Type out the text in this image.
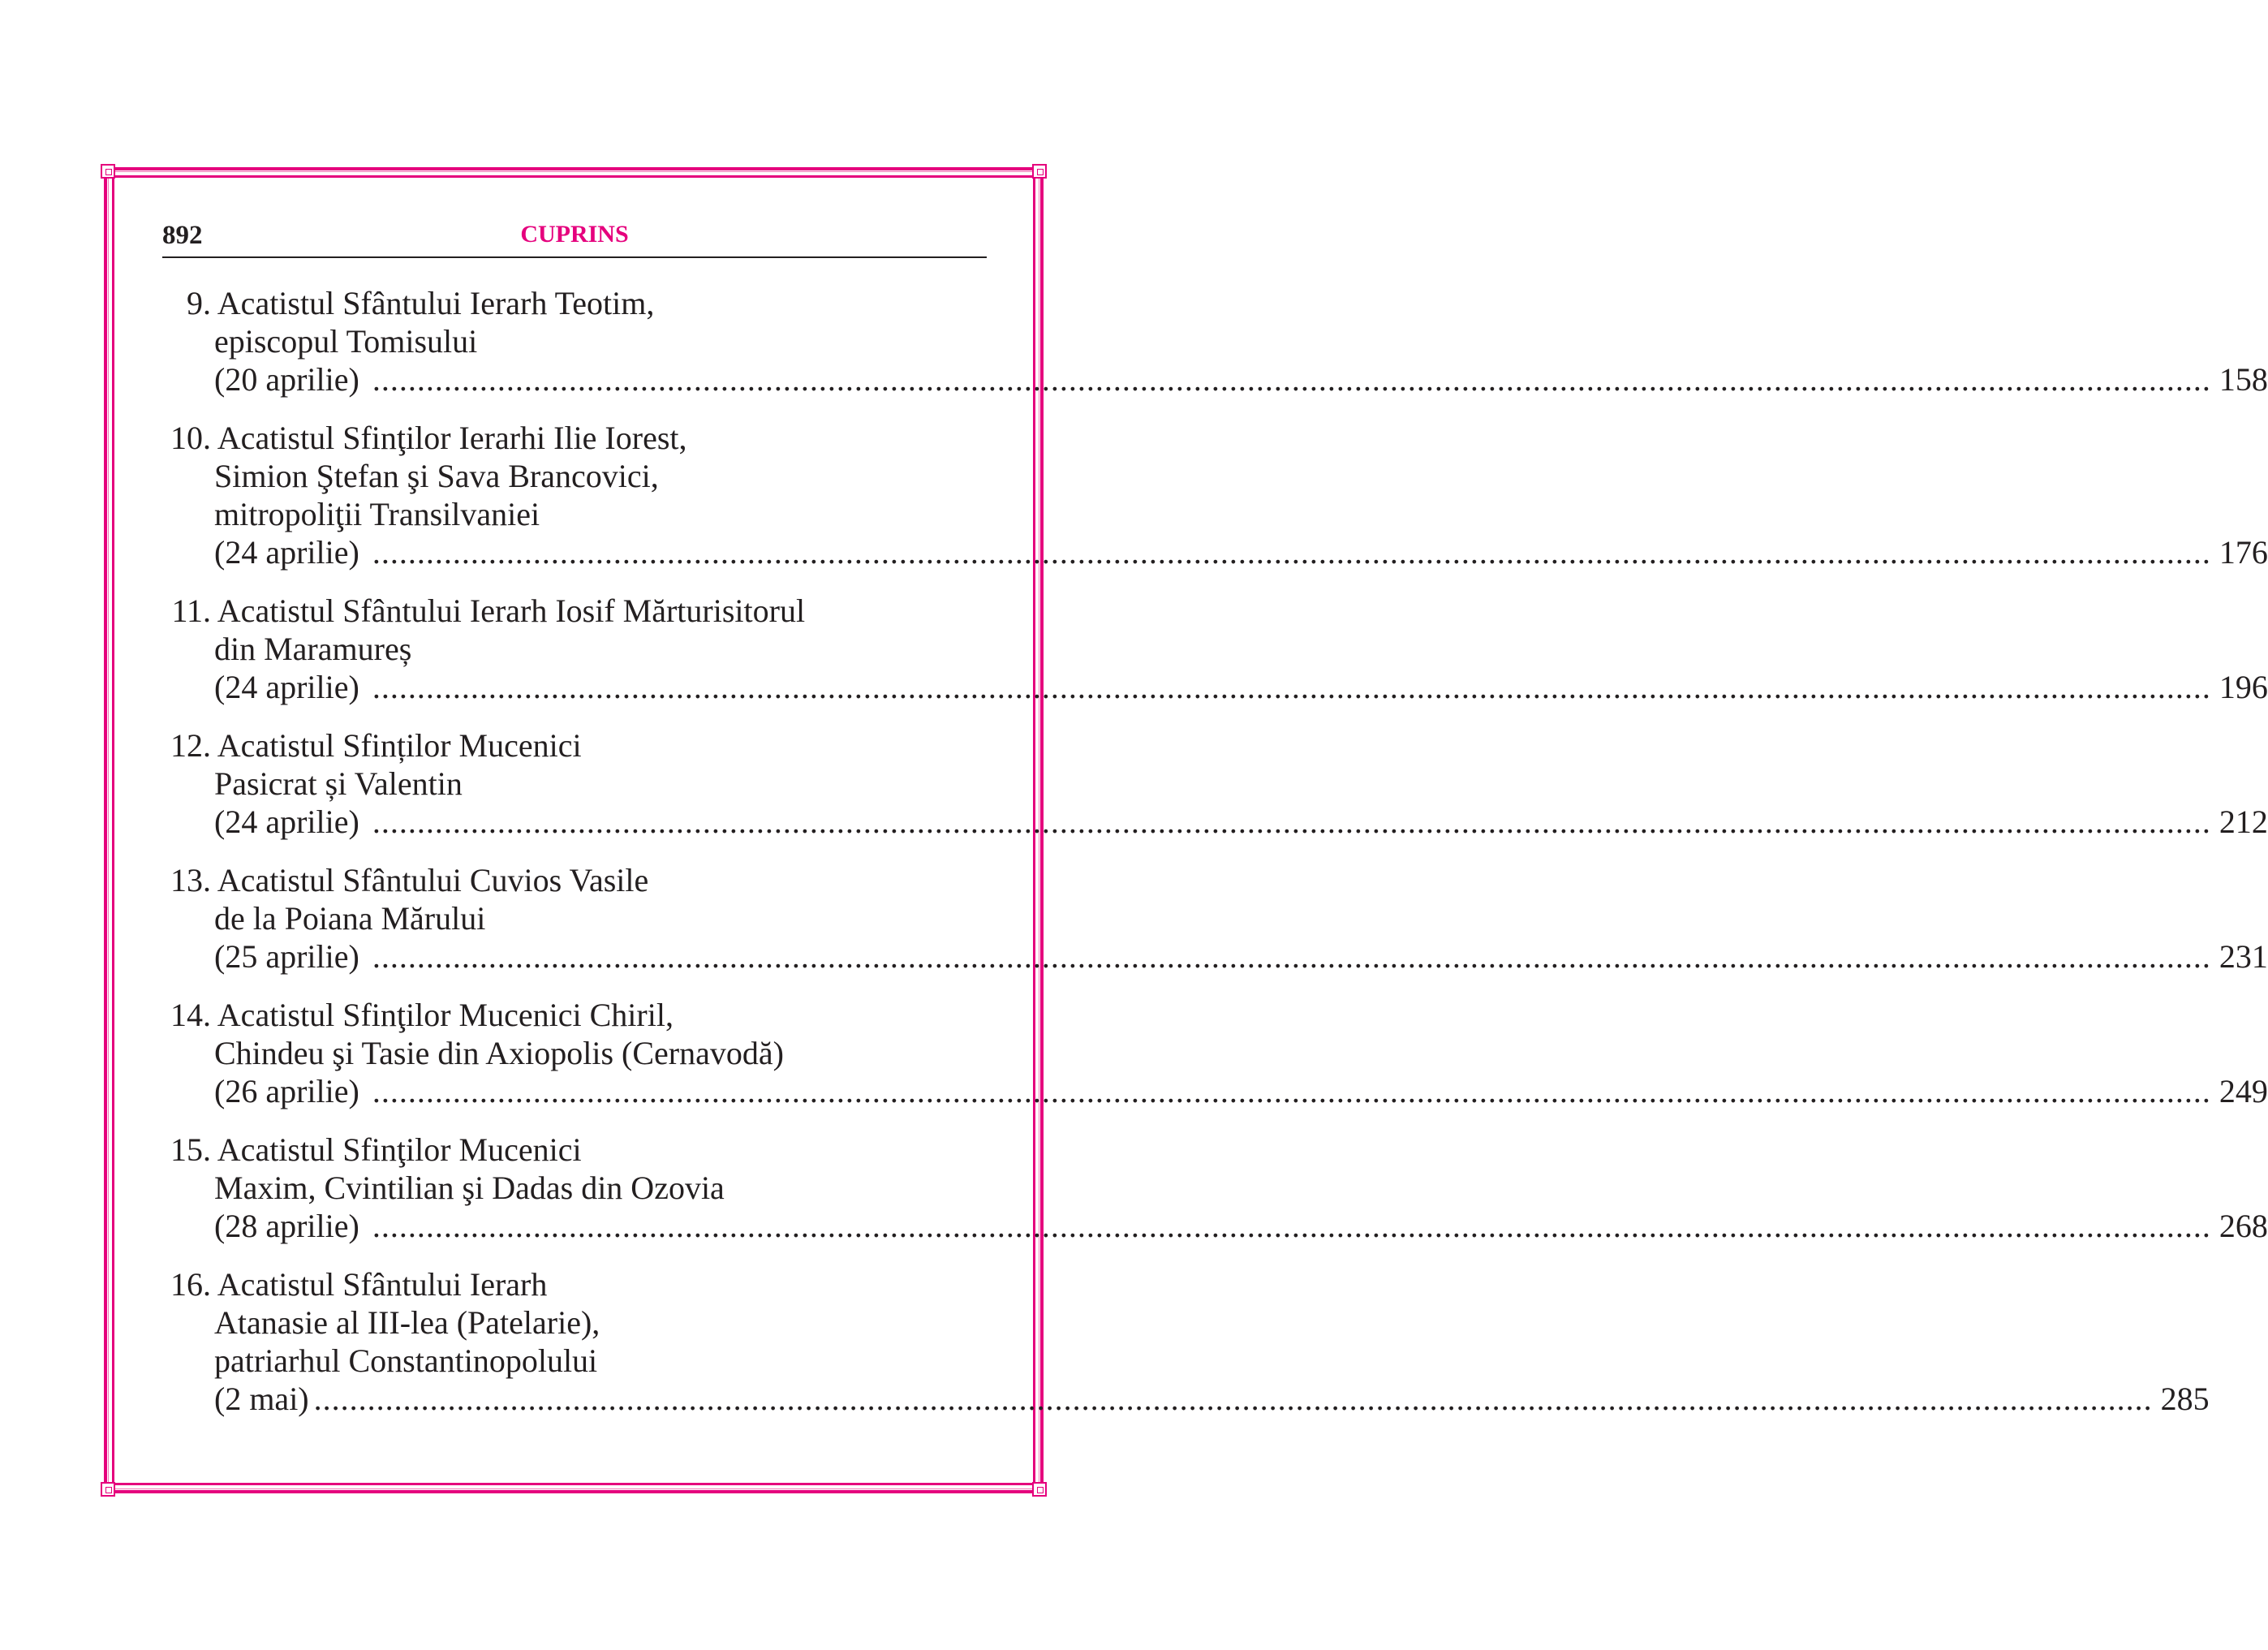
892	CUPRINS
9. Acatistul Sfântului Ierarh Teotim,
episcopul Tomisului
(20 aprilie) .............................................................................................................................................................................................................. 158
10. Acatistul Sfinţilor Ierarhi Ilie Iorest,
Simion Ştefan şi Sava Brancovici,
mitropoliţii Transilvaniei
(24 aprilie) .............................................................................................................................................................................................................. 176
11. Acatistul Sfântului Ierarh Iosif Mărturisitorul
din Maramureș
(24 aprilie) .............................................................................................................................................................................................................. 196
12. Acatistul Sfinților Mucenici
Pasicrat și Valentin
(24 aprilie) .............................................................................................................................................................................................................. 212
13. Acatistul Sfântului Cuvios Vasile
de la Poiana Mărului
(25 aprilie) .............................................................................................................................................................................................................. 231
14. Acatistul Sfinţilor Mucenici Chiril,
Chindeu şi Tasie din Axiopolis (Cernavodă)
(26 aprilie) .............................................................................................................................................................................................................. 249
15. Acatistul Sfinţilor Mucenici
Maxim, Cvintilian şi Dadas din Ozovia
(28 aprilie) .............................................................................................................................................................................................................. 268
16. Acatistul Sfântului Ierarh
Atanasie al III-lea (Patelarie),
patriarhul Constantinopolului
(2 mai) .............................................................................................................................................................................................................. 285
